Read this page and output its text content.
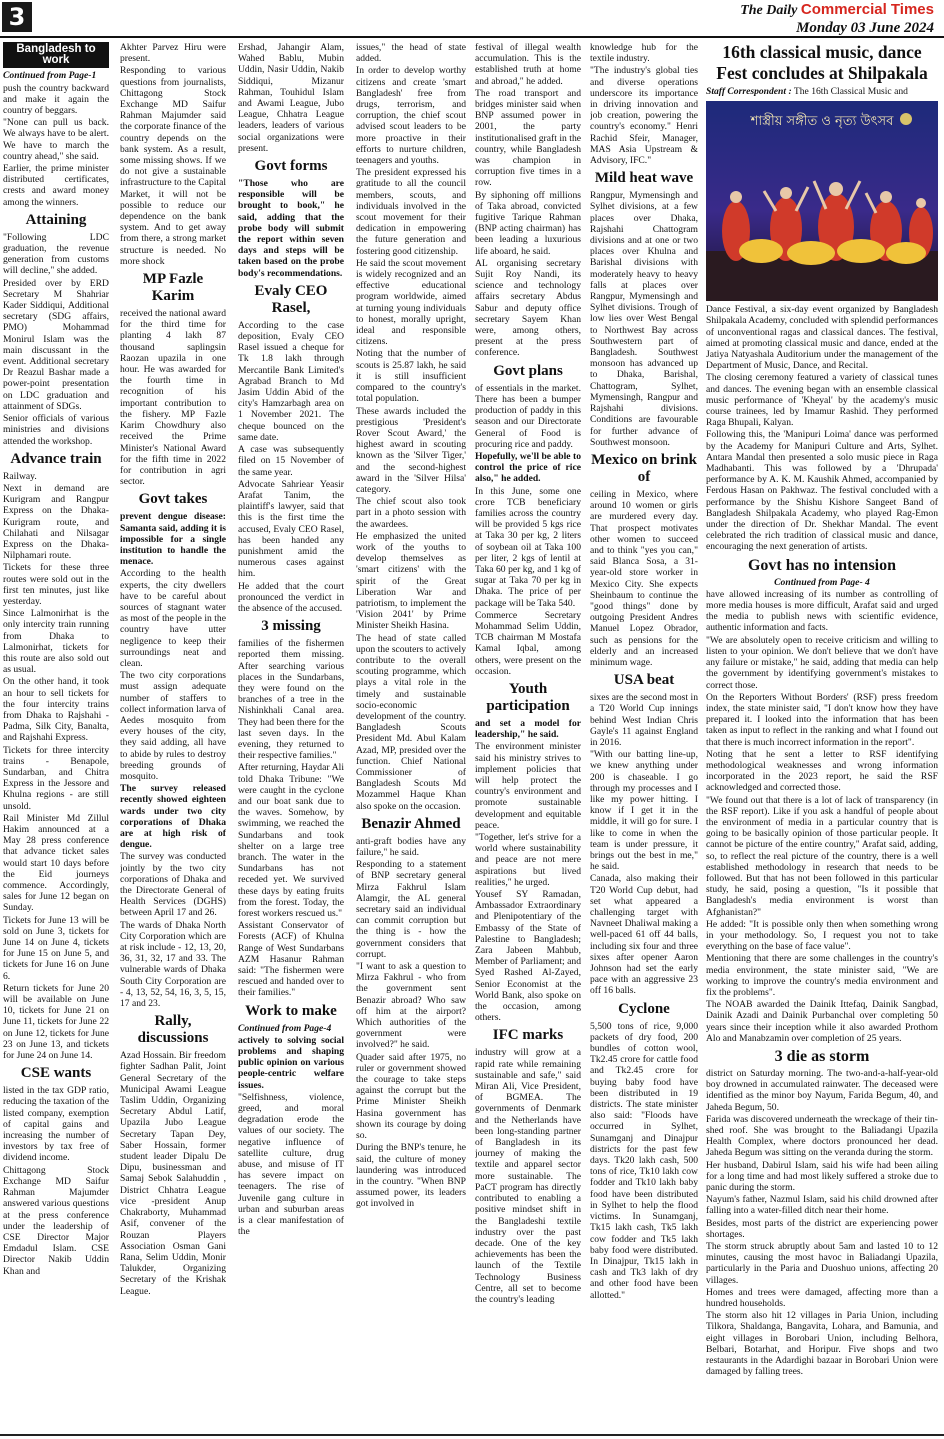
3	The Daily Commercial Times
Monday 03 June 2024
Bangladesh to work

Continued from Page-1

push the country backward and make it again the country of beggars.

"None can pull us back. We always have to be alert. We have to march the country ahead," she said.

Earlier, the prime minister distributed certificates, crests and award money among the winners.

Attaining

"Following LDC graduation, the revenue generation from customs will decline," she added.

Presided over by ERD Secretary M Shahriar Kader Siddiqui, Additional secretary (SDG affairs, PMO) Mohammad Monirul Islam was the main discussant in the event. Additional secretary Dr Reazul Bashar made a power-point presentation on LDC graduation and attainment of SDGs.

Senior officials of various ministries and divisions attended the workshop.

Advance train

Railway.

Next in demand are Kurigram and Rangpur Express on the Dhaka-Kurigram route, and Chilahati and Nilsagar Express on the Dhaka-Nilphamari route.

Tickets for these three routes were sold out in the first ten minutes, just like yesterday.

Since Lalmonirhat is the only intercity train running from Dhaka to Lalmonirhat, tickets for this route are also sold out as usual.

On the other hand, it took an hour to sell tickets for the four intercity trains from Dhaka to Rajshahi - Padma, Silk City, Banalta, and Rajshahi Express.

Tickets for three intercity trains - Benapole, Sundarban, and Chitra Express in the Jessore and Khulna regions - are still unsold.

Rail Minister Md Zillul Hakim announced at a May 28 press conference that advance ticket sales would start 10 days before the Eid journeys commence. Accordingly, sales for June 12 began on Sunday.

Tickets for June 13 will be sold on June 3, tickets for June 14 on June 4, tickets for June 15 on June 5, and tickets for June 16 on June 6.

Return tickets for June 20 will be available on June 10, tickets for June 21 on June 11, tickets for June 22 on June 12, tickets for June 23 on June 13, and tickets for June 24 on June 14.

CSE wants

listed in the tax GDP ratio, reducing the taxation of the listed company, exemption of capital gains and increasing the number of investors by tax free of dividend income.

Chittagong Stock Exchange MD Saifur Rahman Majumder answered various questions at the press conference under the leadership of CSE Director Major Emdadul Islam. CSE Director Nakib Uddin Khan and

Akhter Parvez Hiru were present.

Responding to various questions from journalists, Chittagong Stock Exchange MD Saifur Rahman Majumder said the corporate finance of the country depends on the bank system. As a result, some missing shows. If we do not give a sustainable infrastructure to the Capital Market, it will not be possible to reduce our dependence on the bank system. And to get away from there, a strong market structure is needed. No more shock

MP Fazle Karim

received the national award for the third time for planting 4 lakh 87 thousand saplingsin Raozan upazila in one hour. He was awarded for the fourth time in recognition of his important contribution to the fishery. MP Fazle Karim Chowdhury also received the Prime Minister's National Award for the fifth time in 2022 for contribution in agri sector.

Govt takes

prevent dengue disease: Samanta said, adding it is impossible for a single institution to handle the menace.

According to the health experts, the city dwellers have to be careful about sources of stagnant water as most of the people in the country have utter negligence to keep their surroundings neat and clean.

The two city corporations must assign adequate number of staffers to collect information larva of Aedes mosquito from every houses of the city, they said adding, all have to abide by rules to destroy breeding grounds of mosquito.

The survey released recently showed eighteen wards under two city corporations of Dhaka are at high risk of dengue.

The survey was conducted jointly by the two city corporations of Dhaka and the Directorate General of Health Services (DGHS) between April 17 and 26.

The wards of Dhaka North City Corporation which are at risk include - 12, 13, 20, 36, 31, 32, 17 and 33. The vulnerable wards of Dhaka South City Corporation are - 4, 13, 52, 54, 16, 3, 5, 15, 17 and 23.

Rally, discussions

Azad Hossain. Bir freedom fighter Sadhan Palit, Joint General Secretary of the Municipal Awami League Taslim Uddin, Organizing Secretary Abdul Latif, Upazila Jubo League Secretary Tapan Dey, Saber Hossain, former student leader Dipalu De Dipu, businessman and Samaj Sebok Salahuddin , District Chhatra League vice -president Anup Chakraborty, Muhammad Asif, convener of the Rouzan Players Association Osman Gani Rana, Selim Uddin, Monir Talukder, Organizing Secretary of the Krishak League.

Ershad, Jahangir Alam, Wahed Bablu, Mubin Uddin, Nasir Uddin, Nakib Siddiqui, Mizanur Rahman, Touhidul Islam and Awami League, Jubo League, Chhatra League leaders, leaders of various social organizations were present.

Govt forms

"Those who are responsible will be brought to book," he said, adding that the probe body will submit the report within seven days and steps will be taken based on the probe body's recommendations.

Evaly CEO Rasel,

According to the case deposition, Evaly CEO Rasel issued a cheque for Tk 1.8 lakh through Mercantile Bank Limited's Agrabad Branch to Md Jasim Uddin Abid of the city's Hamzarbagh area on 1 November 2021. The cheque bounced on the same date.

A case was subsequently filed on 15 November of the same year.

Advocate Sahriear Yeasir Arafat Tanim, the plaintiff's lawyer, said that this is the first time the accused, Evaly CEO Rasel, has been handed any punishment amid the numerous cases against him.

He added that the court pronounced the verdict in the absence of the accused.

3 missing

families of the fishermen reported them missing. After searching various places in the Sundarbans, they were found on the branches of a tree in the Nishinkhali Canal area. They had been there for the last seven days. In the evening, they returned to their respective families."

After returning, Haydar Ali told Dhaka Tribune: "We were caught in the cyclone and our boat sank due to the waves. Somehow, by swimming, we reached the Sundarbans and took shelter on a large tree branch. The water in the Sundarbans has not receded yet. We survived these days by eating fruits from the forest. Today, the forest workers rescued us."

Assistant Conservator of Forests (ACF) of Khulna Range of West Sundarbans AZM Hasanur Rahman said: "The fishermen were rescued and handed over to their families."

Work to make

Continued from Page-4

actively to solving social problems and shaping public opinion on various people-centric welfare issues.

"Selfishness, violence, greed, and moral degradation erode the values of our society. The negative influence of satellite culture, drug abuse, and misuse of IT has severe impact on teenagers. The rise of Juvenile gang culture in urban and suburban areas is a clear manifestation of the

issues," the head of state added.

In order to develop worthy citizens and create 'smart Bangladesh' free from drugs, terrorism, and corruption, the chief scout advised scout leaders to be more proactive in their efforts to nurture children, teenagers and youths.

The president expressed his gratitude to all the council members, scouts, and individuals involved in the scout movement for their dedication in empowering the future generation and fostering good citizenship.

He said the scout movement is widely recognized and an effective educational program worldwide, aimed at turning young individuals to honest, morally upright, ideal and responsible citizens.

Noting that the number of scouts is 25.87 lakh, he said it is still insufficient compared to the country's total population.

These awards included the prestigious 'President's Rover Scout Award,' the highest award in scouting known as the 'Silver Tiger,' and the second-highest award in the 'Silver Hilsa' category.

The chief scout also took part in a photo session with the awardees.

He emphasized the united work of the youths to develop themselves as 'smart citizens' with the spirit of the Great Liberation War and patriotism, to implement the 'Vision 2041' by Prime Minister Sheikh Hasina.

The head of state called upon the scouters to actively contribute to the overall scouting programme, which plays a vital role in the timely and sustainable socio-economic development of the country. Bangladesh Scouts President Md. Abul Kalam Azad, MP, presided over the function. Chief National Commissioner of Bangladesh Scouts Md Mozammel Haque Khan also spoke on the occasion.

Benazir Ahmed

anti-graft bodies have any failure," he said.

Responding to a statement of BNP secretary general Mirza Fakhrul Islam Alamgir, the AL general secretary said an individual can commit corruption but the thing is - how the government considers that corrupt.

"I want to ask a question to Mirza Fakhrul - who from the government sent Benazir abroad? Who saw off him at the airport? Which authorities of the government were involved?" he said.

Quader said after 1975, no ruler or government showed the courage to take steps against the corrupt but the Prime Minister Sheikh Hasina government has shown its courage by doing so.

During the BNP's tenure, he said, the culture of money laundering was introduced in the country. "When BNP assumed power, its leaders got involved in

festival of illegal wealth accumulation. This is the established truth at home and abroad," he added.

The road transport and bridges minister said when BNP assumed power in 2001, the party institutionalised graft in the country, while Bangladesh was champion in corruption five times in a row.

By siphoning off millions of Taka abroad, convicted fugitive Tarique Rahman (BNP acting chairman) has been leading a luxurious life aboard, he said.

AL organising secretary Sujit Roy Nandi, its science and technology affairs secretary Abdus Sabur and deputy office secretary Sayem Khan were, among others, present at the press conference.

Govt plans

of essentials in the market. There has been a bumper production of paddy in this season and our Directorate General of Food is procuring rice and paddy.

Hopefully, we'll be able to control the price of rice also," he added.

In this June, some one crore TCB beneficiary families across the country will be provided 5 kgs rice at Taka 30 per kg, 2 liters of soybean oil at Taka 100 per liter, 2 kgs of lentil at Taka 60 per kg, and 1 kg of sugar at Taka 70 per kg in Dhaka. The price of per package will be Taka 540.

Commerce Secretary Mohammad Selim Uddin, TCB chairman M Mostafa Kamal Iqbal, among others, were present on the occasion.

Youth participation

and set a model for leadership," he said.

The environment minister said his ministry strives to implement policies that will help protect the country's environment and promote sustainable development and equitable peace.

"Together, let's strive for a world where sustainability and peace are not mere aspirations but lived realities," he urged.

Yousef SY Ramadan, Ambassador Extraordinary and Plenipotentiary of the Embassy of the State of Palestine to Bangladesh; Zara Jabeen Mahbub, Member of Parliament; and Syed Rashed Al-Zayed, Senior Economist at the World Bank, also spoke on the occasion, among others.

IFC marks

industry will grow at a rapid rate while remaining sustainable and safe," said Miran Ali, Vice President, of BGMEA. The governments of Denmark and the Netherlands have been long-standing partner of Bangladesh in its journey of making the textile and apparel sector more sustainable. The PaCT program has directly contributed to enabling a positive mindset shift in the Bangladeshi textile industry over the past decade. One of the key achievements has been the launch of the Textile Technology Business Centre, all set to become the country's leading

knowledge hub for the textile industry.

"The industry's global ties and diverse operations underscore its importance in driving innovation and job creation, powering the country's economy." Henri Rachid Sfeir, Manager, MAS Asia Upstream & Advisory, IFC."

Mild heat wave

Rangpur, Mymensingh and Sylhet divisions, at a few places over Dhaka, Rajshahi Chattogram divisions and at one or two places over Khulna and Barishal divisions with moderately heavy to heavy falls at places over Rangpur, Mymensingh and Sylhet divisions. Trough of low lies over West Bengal to Northwest Bay across Southwestern part of Bangladesh. Southwest monsoon has advanced up to Dhaka, Barishal, Chattogram, Sylhet, Mymensingh, Rangpur and Rajshahi divisions. Conditions are favourable for further advance of Southwest monsoon.

Mexico on brink of

ceiling in Mexico, where around 10 women or girls are murdered every day. That prospect motivates other women to succeed and to think "yes you can," said Blanca Sosa, a 31-year-old store worker in Mexico City. She expects Sheinbaum to continue the "good things" done by outgoing President Andres Manuel Lopez Obrador, such as pensions for the elderly and an increased minimum wage.

USA beat

sixes are the second most in a T20 World Cup innings behind West Indian Chris Gayle's 11 against England in 2016.

"With our batting line-up, we knew anything under 200 is chaseable. I go through my processes and I like my power hitting. I know if I get it in the middle, it will go for sure. I like to come in when the team is under pressure, it brings out the best in me," he said.

Canada, also making their T20 World Cup debut, had set what appeared a challenging target with Navneet Dhaliwal making a well-paced 61 off 44 balls, including six four and three sixes after opener Aaron Johnson had set the early pace with an aggressive 23 off 16 balls.

Cyclone

5,500 tons of rice, 9,000 packets of dry food, 200 bundles of cotton wool, Tk2.45 crore for cattle food and Tk2.45 crore for buying baby food have been distributed in 19 districts. The state minister also said: "Floods have occurred in Sylhet, Sunamganj and Dinajpur districts for the past few days. Tk20 lakh cash, 500 tons of rice, Tk10 lakh cow fodder and Tk10 lakh baby food have been distributed in Sylhet to help the flood victims. In Sunamganj, Tk15 lakh cash, Tk5 lakh cow fodder and Tk5 lakh baby food were distributed. In Dinajpur, Tk15 lakh in cash and Tk3 lakh of dry and other food have been allotted."

16th classical music, dance Fest concludes at Shilpakala

Staff Correspondent : The 16th Classical Music and

শাস্ত্রীয় সঙ্গীত ও নৃত্য উৎসব

Dance Festival, a six-day event organized by Bangladesh Shilpakala Academy, concluded with splendid performances of unconventional ragas and classical dances. The festival, aimed at promoting classical music and dance, ended at the Jatiya Natyashala Auditorium under the management of the Department of Music, Dance, and Recital.

The closing ceremony featured a variety of classical tunes and dances. The evening began with an ensemble classical music performance of 'Kheyal' by the academy's music course trainees, led by Imamur Rashid. They performed Raga Bhupali, Kalyan.

Following this, the 'Manipuri Loima' dance was performed by the Academy for Manipuri Culture and Arts, Sylhet. Antara Mandal then presented a solo music piece in Raga Madhabanti. This was followed by a 'Dhrupada' performance by A. K. M. Kaushik Ahmed, accompanied by Ferdous Hasan on Pakhwaz. The festival concluded with a performance by the Shishu Kishore Sangeet Band of Bangladesh Shilpakala Academy, who played Rag-Emon under the direction of Dr. Shekhar Mandal. The event celebrated the rich tradition of classical music and dance, encouraging the next generation of artists.

Govt has no intension

Continued from Page- 4

have allowed increasing of its number as controlling of more media houses is more difficult, Arafat said and urged the media to publish news with scientific evidence, authentic information and facts.

"We are absolutely open to receive criticism and willing to listen to your opinion. We don't believe that we don't have any failure or mistake," he said, adding that media can help the government by identifying government's mistakes to correct those.

On the Reporters Without Borders' (RSF) press freedom index, the state minister said, "I don't know how they have prepared it. I looked into the information that has been taken as input to reflect in the ranking and what I found out that there is much incorrect information in the report".

Noting that he sent a letter to RSF identifying methodological weaknesses and wrong information incorporated in the 2023 report, he said the RSF acknowledged and corrected those.

"We found out that there is a lot of lack of transparency (in the RSF report). Like if you ask a handful of people about the environment of media in a particular country that is going to be basically opinion of those particular people. It cannot be picture of the entire country," Arafat said, adding, so, to reflect the real picture of the country, there is a well established methodology in research that needs to be followed. But that has not been followed in this particular study, he said, posing a question, "Is it possible that Bangladesh's media environment is worst than Afghanistan?"

He added: "It is possible only then when something wrong in your methodology. So, I request you not to take everything on the base of face value".

Mentioning that there are some challenges in the country's media environment, the state minister said, "We are working to improve the country's media environment and fix the problems".

The NOAB awarded the Dainik Ittefaq, Dainik Sangbad, Dainik Azadi and Dainik Purbanchal over completing 50 years since their inception while it also awarded Prothom Alo and Manabzamin over completion of 25 years.

3 die as storm

district on Saturday morning. The two-and-a-half-year-old boy drowned in accumulated rainwater. The deceased were identified as the minor boy Nayum, Farida Begum, 40, and Jaheda Begum, 50.

Farida was discovered underneath the wreckage of their tin-shed roof. She was brought to the Baliadangi Upazila Health Complex, where doctors pronounced her dead. Jaheda Begum was sitting on the veranda during the storm.

Her husband, Dabirul Islam, said his wife had been ailing for a long time and had most likely suffered a stroke due to panic during the storm.

Nayum's father, Nazmul Islam, said his child drowned after falling into a water-filled ditch near their home.

Besides, most parts of the district are experiencing power shortages.

The storm struck abruptly about 5am and lasted 10 to 12 minutes, causing the most havoc in Baliadangi Upazila, particularly in the Paria and Duoshuo unions, affecting 20 villages.

Homes and trees were damaged, affecting more than a hundred households.

The storm also hit 12 villages in Paria Union, including Tilkora, Shaldanga, Bangavita, Lohara, and Bamunia, and eight villages in Borobari Union, including Belhora, Belbari, Botarhat, and Horipur. Five shops and two restaurants in the Adardighi bazaar in Borobari Union were damaged by falling trees.
